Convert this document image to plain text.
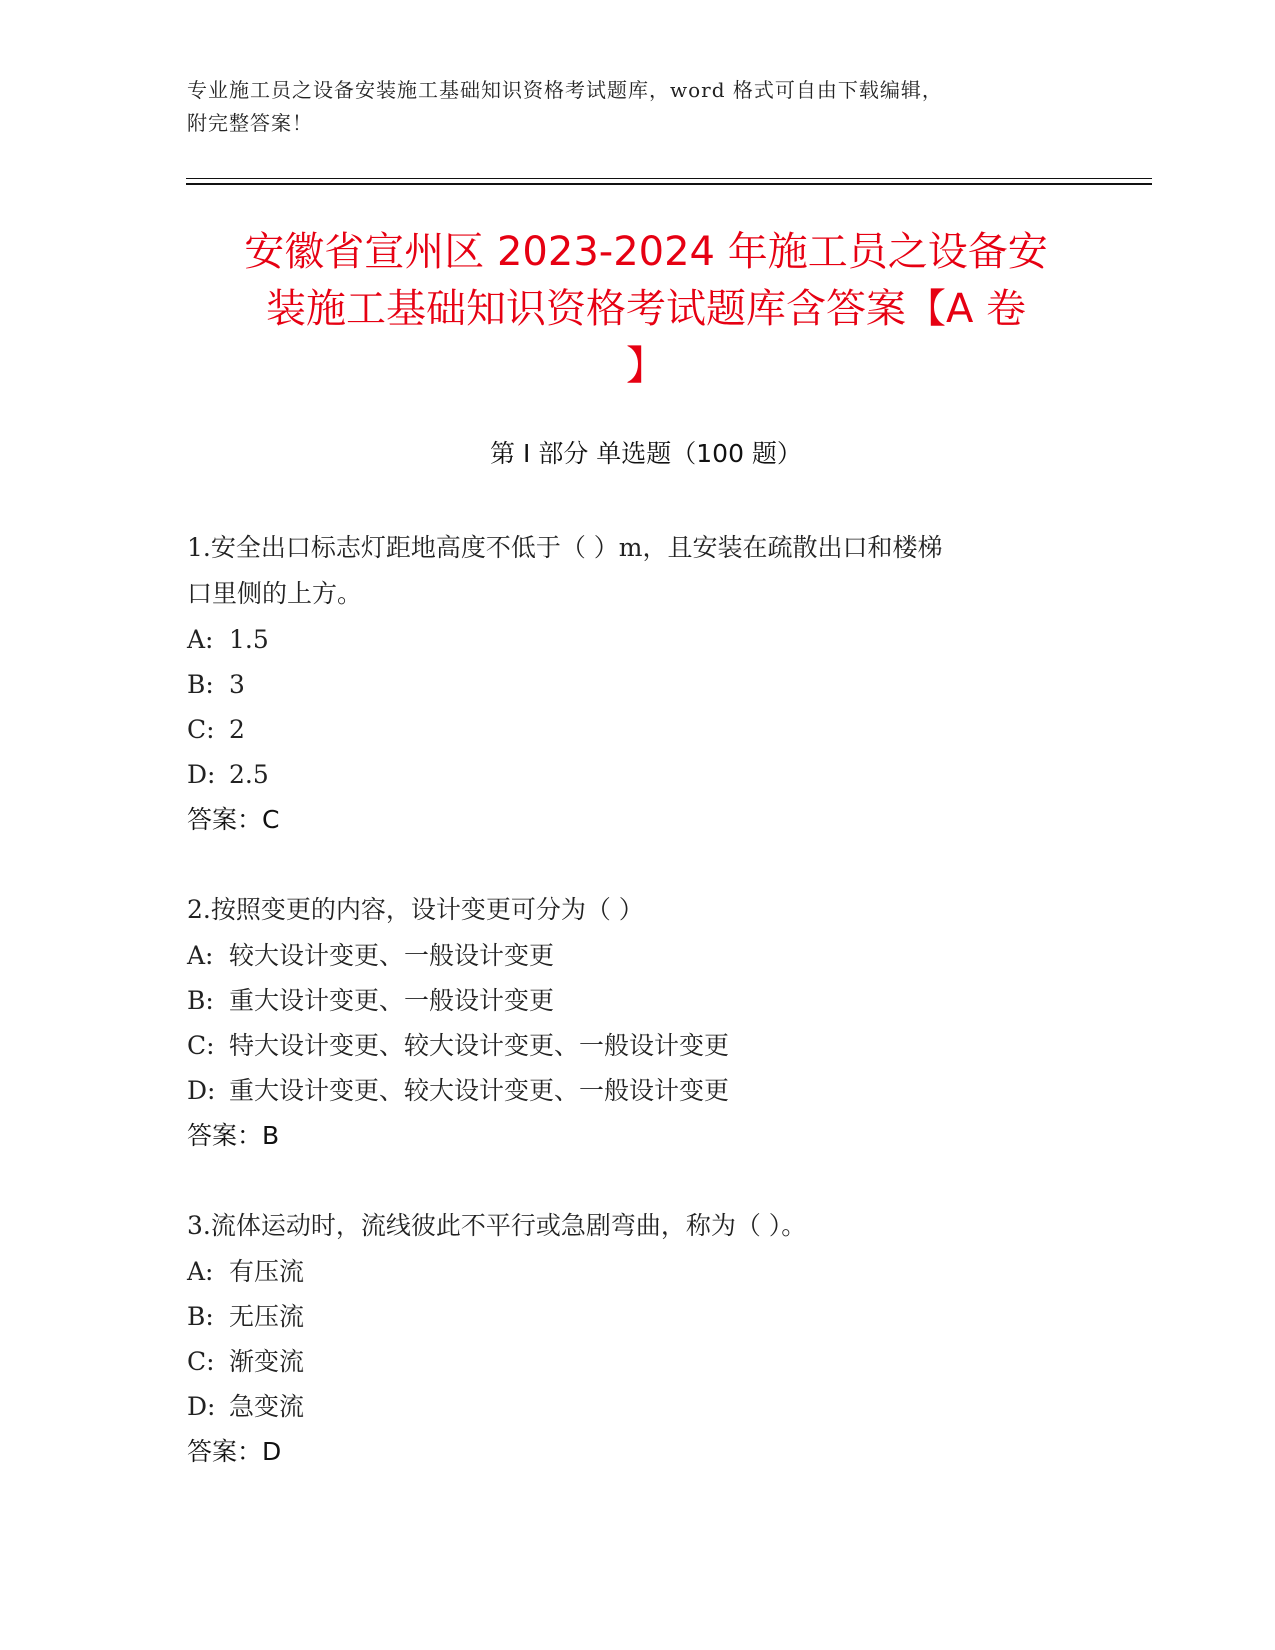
专业施工员之设备安装施工基础知识资格考试题库，word 格式可自由下载编辑，
附完整答案！
安徽省宣州区 2023-2024 年施工员之设备安
装施工基础知识资格考试题库含答案【A 卷
】
第 I 部分 单选题（100 题）
1.安全出口标志灯距地高度不低于（ ）m，且安装在疏散出口和楼梯
口里侧的上方。
A: 1.5
B: 3
C: 2
D: 2.5
答案：C
2.按照变更的内容，设计变更可分为（ ）
A: 较大设计变更、一般设计变更
B: 重大设计变更、一般设计变更
C: 特大设计变更、较大设计变更、一般设计变更
D: 重大设计变更、较大设计变更、一般设计变更
答案：B
3.流体运动时，流线彼此不平行或急剧弯曲，称为（ ）。
A: 有压流
B: 无压流
C: 渐变流
D: 急变流
答案：D
